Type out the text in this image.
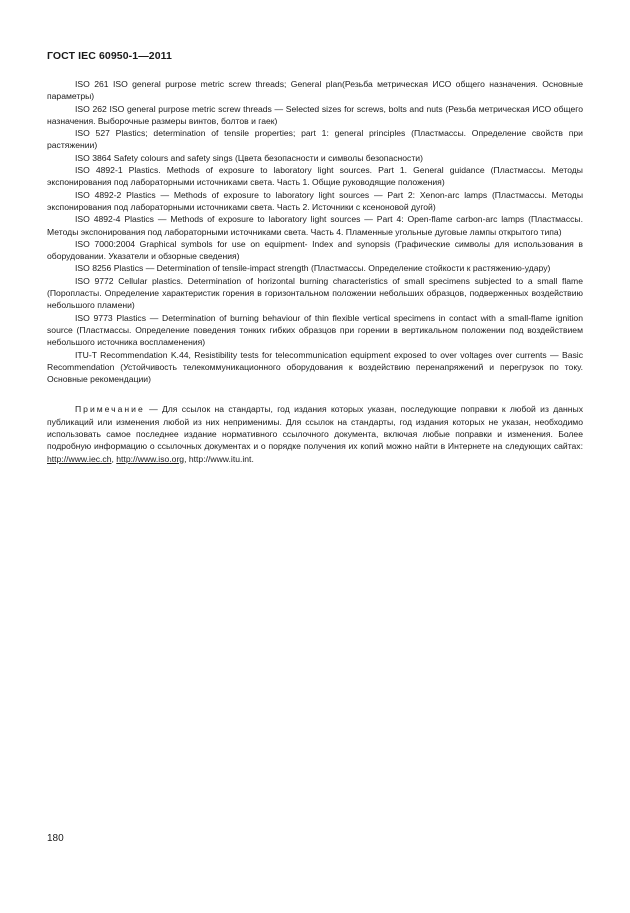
ГОСТ IEC 60950-1—2011

ISO 261 ISO general purpose metric screw threads; General plan(Резьба метрическая ИСО общего назначения. Основные параметры)

ISO 262 ISO general purpose metric screw threads — Selected sizes for screws, bolts and nuts (Резьба метрическая ИСО общего назначения. Выборочные размеры винтов, болтов и гаек)

ISO 527 Plastics; determination of tensile properties; part 1: general principles (Пластмассы. Определение свойств при растяжении)

ISO 3864 Safety colours and safety sings (Цвета безопасности и символы безопасности)

ISO 4892-1 Plastics. Methods of exposure to laboratory light sources. Part 1. General guidance (Пластмассы. Методы экспонирования под лабораторными источниками света. Часть 1. Общие руководящие положения)

ISO 4892-2 Plastics — Methods of exposure to laboratory light sources — Part 2: Xenon-arc lamps (Пластмассы. Методы экспонирования под лабораторными источниками света. Часть 2. Источники с ксеноновой дугой)

ISO 4892-4 Plastics — Methods of exposure to laboratory light sources — Part 4: Open-flame carbon-arc lamps (Пластмассы. Методы экспонирования под лабораторными источниками света. Часть 4. Пламенные угольные дуговые лампы открытого типа)

ISO 7000:2004 Graphical symbols for use on equipment- Index and synopsis (Графические символы для использования в оборудовании. Указатели и обзорные сведения)

ISO 8256 Plastics — Determination of tensile-impact strength (Пластмассы. Определение стойкости к растяжению-удару)

ISO 9772 Cellular plastics. Determination of horizontal burning characteristics of small specimens subjected to a small flame (Поропласты. Определение характеристик горения в горизонтальном положении небольших образцов, подверженных воздействию небольшого пламени)

ISO 9773 Plastics — Determination of burning behaviour of thin flexible vertical specimens in contact with a small-flame ignition source (Пластмассы. Определение поведения тонких гибких образцов при горении в вертикальном положении под воздействием небольшого источника воспламенения)

ITU-T Recommendation K.44, Resistibility tests for telecommunication equipment exposed to over voltages over currents — Basic Recommendation (Устойчивость телекоммуникационного оборудования к воздействию перенапряжений и перегрузок по току. Основные рекомендации)

Примечание — Для ссылок на стандарты, год издания которых указан, последующие поправки к любой из данных публикаций или изменения любой из них неприменимы. Для ссылок на стандарты, год издания которых не указан, необходимо использовать самое последнее издание нормативного ссылочного документа, включая любые поправки и изменения. Более подробную информацию о ссылочных документах и о порядке получения их копий можно найти в Интернете на следующих сайтах: http://www.iec.ch, http://www.iso.org, http://www.itu.int.

180
